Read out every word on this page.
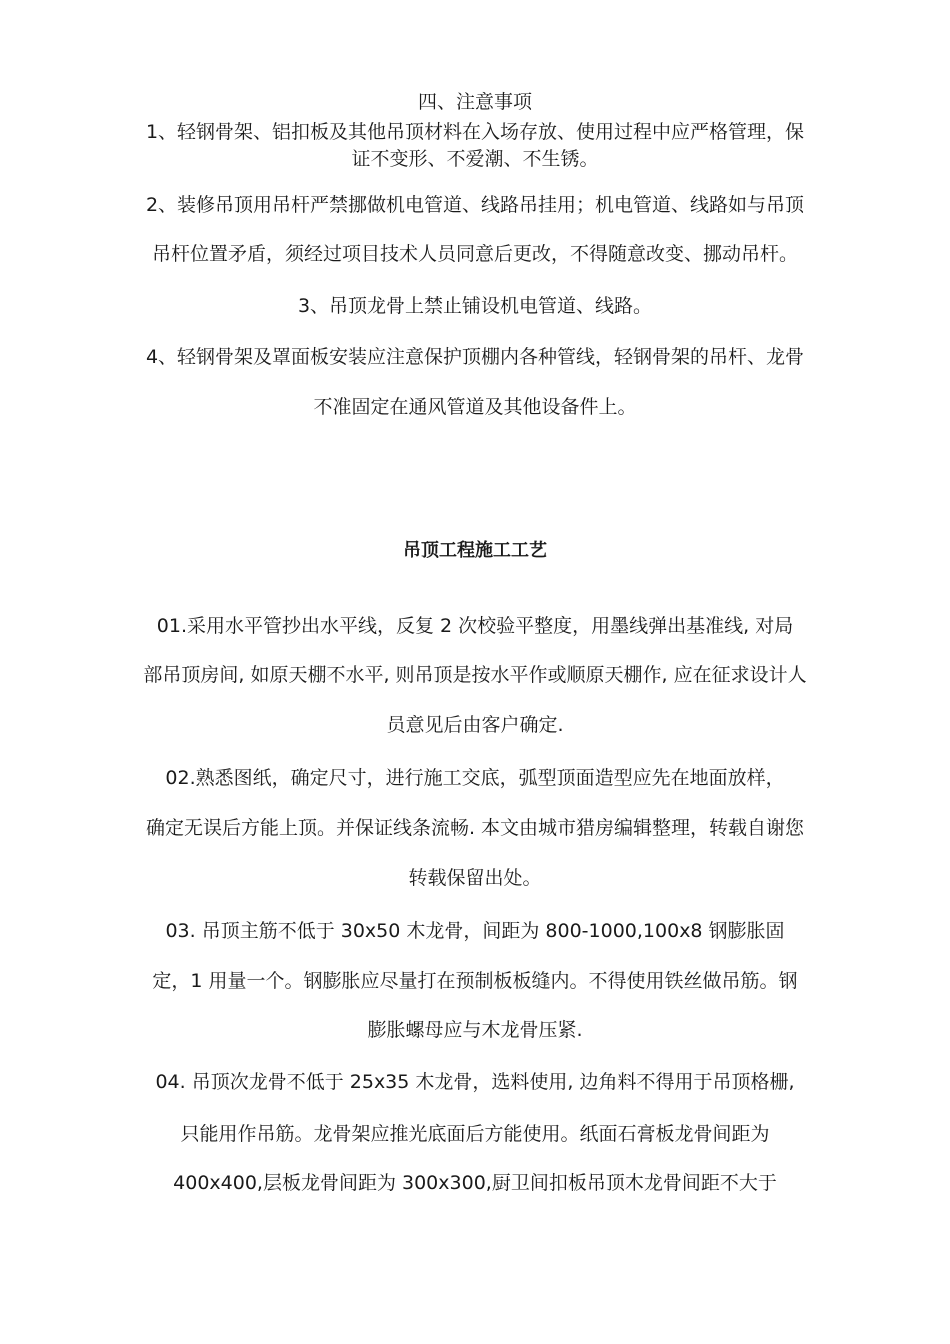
四、注意事项
1、轻钢骨架、铝扣板及其他吊顶材料在入场存放、使用过程中应严格管理，保
证不变形、不爱潮、不生锈。
2、装修吊顶用吊杆严禁挪做机电管道、线路吊挂用；机电管道、线路如与吊顶
吊杆位置矛盾，须经过项目技术人员同意后更改，不得随意改变、挪动吊杆。
3、吊顶龙骨上禁止铺设机电管道、线路。
4、轻钢骨架及罩面板安装应注意保护顶棚内各种管线，轻钢骨架的吊杆、龙骨
不准固定在通风管道及其他设备件上。
吊顶工程施工工艺
01.采用水平管抄出水平线，反复 2 次校验平整度，用墨线弹出基准线, 对局
部吊顶房间, 如原天棚不水平, 则吊顶是按水平作或顺原天棚作, 应在征求设计人
员意见后由客户确定.
02.熟悉图纸，确定尺寸，进行施工交底，弧型顶面造型应先在地面放样，
确定无误后方能上顶。并保证线条流畅. 本文由城市猎房编辑整理，转载自谢您
转载保留出处。
03. 吊顶主筋不低于 30x50 木龙骨，间距为 800-1000,100x8 钢膨胀固
定，1 用量一个。钢膨胀应尽量打在预制板板缝内。不得使用铁丝做吊筋。钢
膨胀螺母应与木龙骨压紧.
04. 吊顶次龙骨不低于 25x35 木龙骨，选料使用, 边角料不得用于吊顶格栅,
只能用作吊筋。龙骨架应推光底面后方能使用。纸面石膏板龙骨间距为
400x400,层板龙骨间距为 300x300,厨卫间扣板吊顶木龙骨间距不大于
